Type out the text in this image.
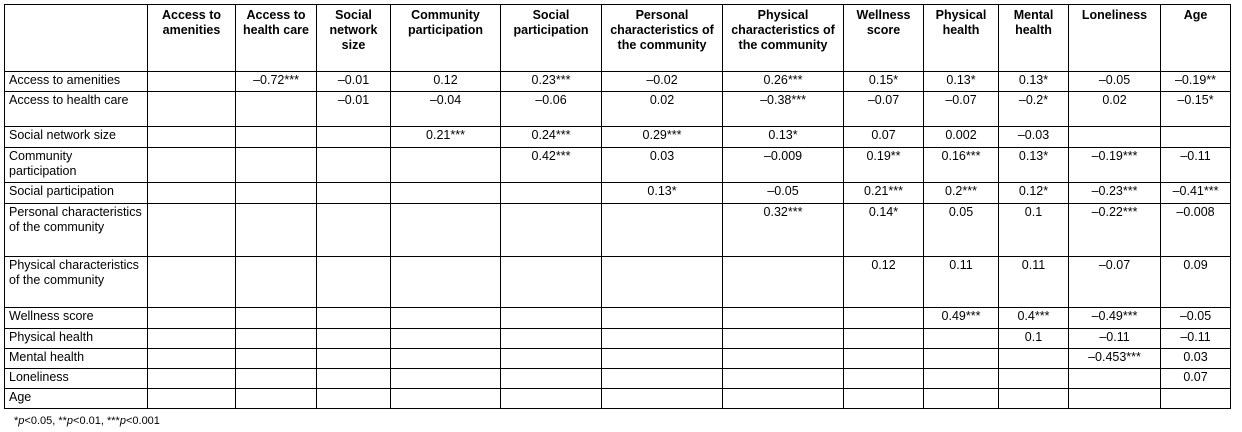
	Access to amenities	Access to health care	Social network size	Community participation	Social participation	Personal characteristics of the community	Physical characteristics of the community	Wellness score	Physical health	Mental health	Loneliness	Age
Access to amenities		–0.72***	–0.01	0.12	0.23***	–0.02	0.26***	0.15*	0.13*	0.13*	–0.05	–0.19**
Access to health care			–0.01	–0.04	–0.06	0.02	–0.38***	–0.07	–0.07	–0.2*	0.02	–0.15*
Social network size				0.21***	0.24***	0.29***	0.13*	0.07	0.002	–0.03		
Community participation					0.42***	0.03	–0.009	0.19**	0.16***	0.13*	–0.19***	–0.11
Social participation						0.13*	–0.05	0.21***	0.2***	0.12*	–0.23***	–0.41***
Personal characteristics of the community							0.32***	0.14*	0.05	0.1	–0.22***	–0.008
Physical characteristics of the community								0.12	0.11	0.11	–0.07	0.09
Wellness score									0.49***	0.4***	–0.49***	–0.05
Physical health										0.1	–0.11	–0.11
Mental health											–0.453***	0.03
Loneliness												0.07
Age												
*p<0.05, **p<0.01, ***p<0.001
